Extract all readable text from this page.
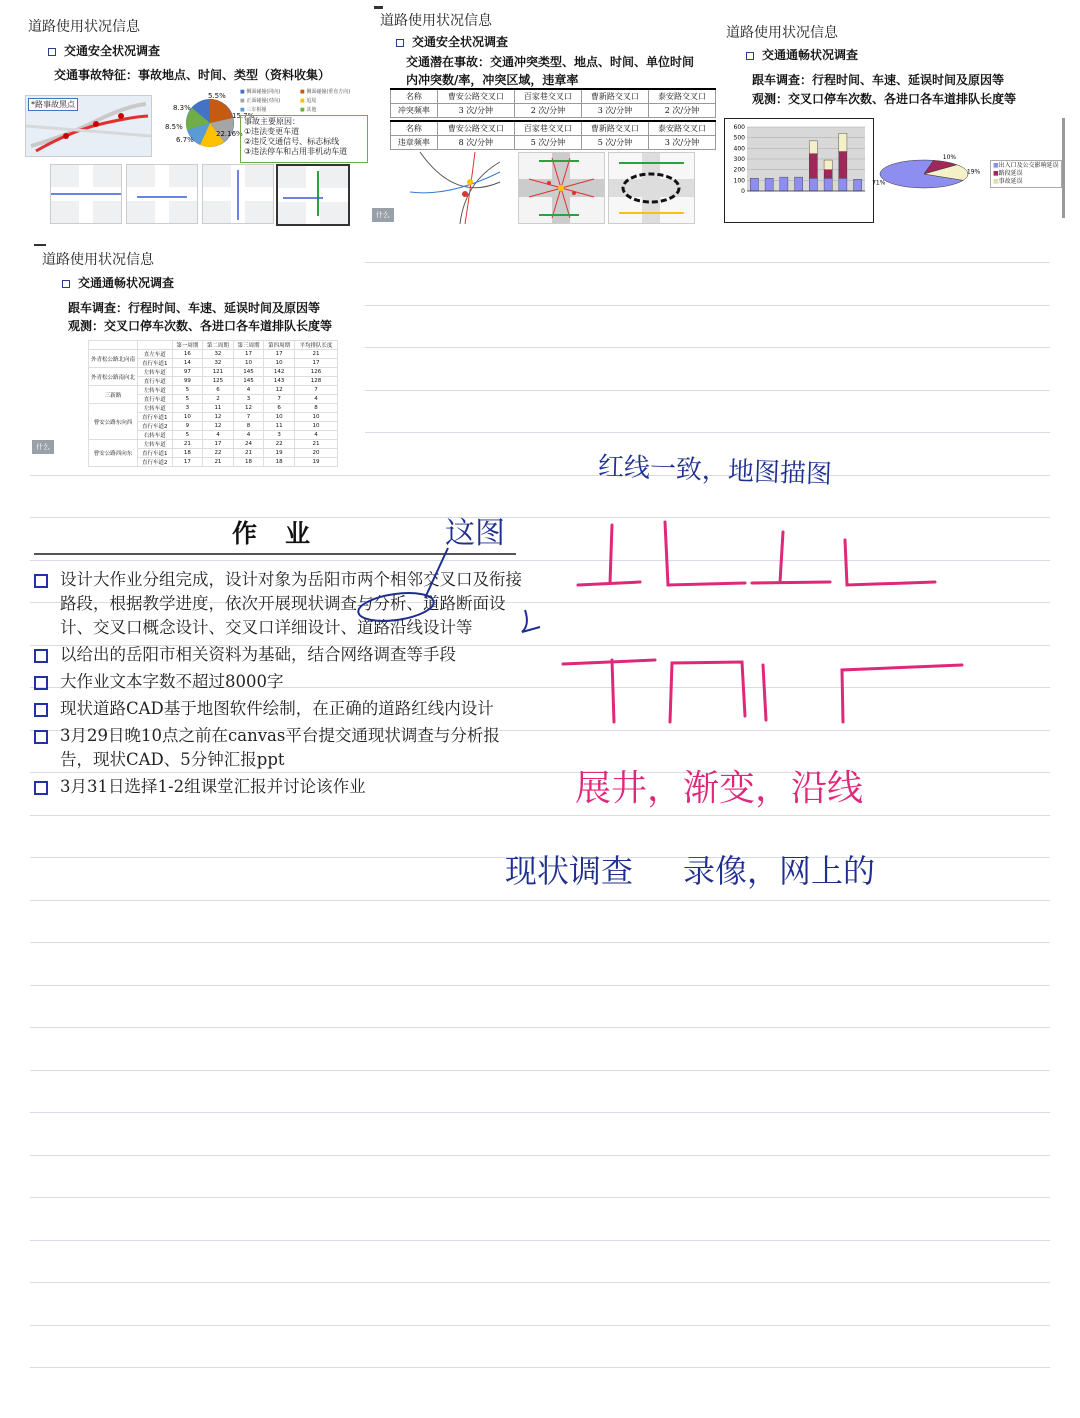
道路使用状况信息
交通安全状况调查
交通事故特征：事故地点、时间、类型（资料收集）
*路事故黑点
5.5%
15.7%
22.16%
6.7%
8.5%
8.3%
■ 侧面碰撞(同向)	■ 侧面碰撞(垂直方向)
■ 正面碰撞(对向)	■ 追尾
■ 三车相撞	■ 其他
事故主要原因：
①违法变更车道
②违反交通信号、标志标线
③违法停车和占用非机动车道
道路使用状况信息
交通安全状况调查
交通潜在事故：交通冲突类型、地点、时间、单位时间
内冲突数/率，冲突区域，违章率
名称	曹安公路交叉口	百家巷交叉口	曹新路交叉口	泰安路交叉口
冲突频率	3 次/分钟	2 次/分钟	3 次/分钟	2 次/分钟
名称	曹安公路交叉口	百家巷交叉口	曹新路交叉口	泰安路交叉口
违章频率	8 次/分钟	5 次/分钟	5 次/分钟	3 次/分钟
什么
道路使用状况信息
交通通畅状况调查
跟车调查：行程时间、车速、延误时间及原因等
观测：交叉口停车次数、各进口各车道排队长度等
0
100
200
300
400
500
600
71%
10%
19%
■出入口及公交影响延误
■路段延误
■事故延误
道路使用状况信息
交通通畅状况调查
跟车调查：行程时间、车速、延误时间及原因等
观测：交叉口停车次数、各进口各车道排队长度等
		第一周期	第二周期	第三周期	第四周期	平均排队长度
外青松公路北向南	直左车道	16	32	17	17	21
	直行车道1	14	32	10	10	17
外青松公路南向北	左转车道	97	121	145	142	126
	直行车道	99	125	145	143	128
三新路	左转车道	5	6	4	12	7
	直行车道	5	2	3	7	4
曹安公路东向西	左转车道	3	11	12	6	8
	直行车道1	10	12	7	10	10
	直行车道2	9	12	8	11	10
	右转车道	5	4	4	3	4
曹安公路西向东	左转车道	21	17	24	22	21
	直行车道1	18	22	21	19	20
	直行车道2	17	21	18	18	19
什么
作业
设计大作业分组完成，设计对象为岳阳市两个相邻交叉口及衔接路段，根据教学进度，依次开展现状调查与分析、道路断面设计、交叉口概念设计、交叉口详细设计、道路沿线设计等
以给出的岳阳市相关资料为基础，结合网络调查等手段
大作业文本字数不超过8000字
现状道路CAD基于地图软件绘制，在正确的道路红线内设计
3月29日晚10点之前在canvas平台提交通现状调查与分析报告，现状CAD、5分钟汇报ppt
3月31日选择1-2组课堂汇报并讨论该作业
红线一致，地图描图
这图
展井，渐变，沿线
现状调查 录像，网上的
